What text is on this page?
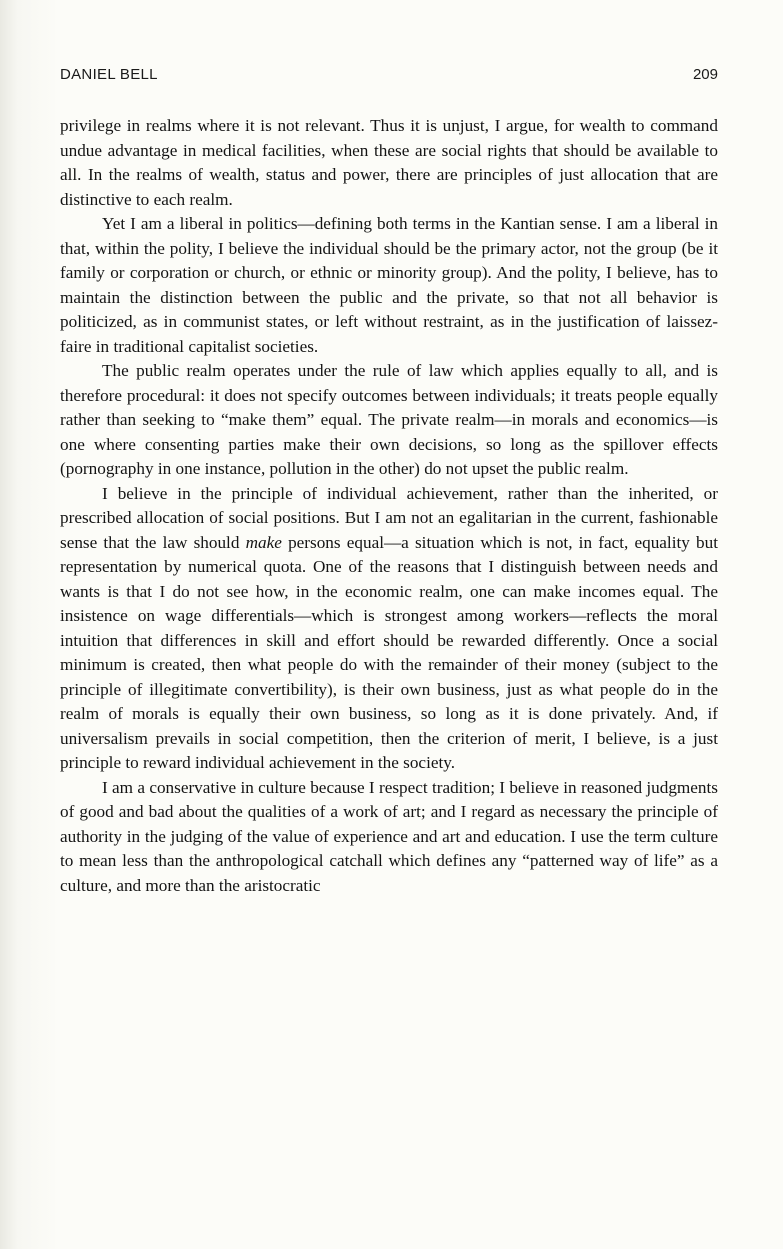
DANIEL BELL	209

privilege in realms where it is not relevant. Thus it is unjust, I argue, for wealth to command undue advantage in medical facilities, when these are social rights that should be available to all. In the realms of wealth, status and power, there are principles of just allocation that are distinctive to each realm.

Yet I am a liberal in politics—defining both terms in the Kantian sense. I am a liberal in that, within the polity, I believe the individual should be the primary actor, not the group (be it family or corporation or church, or ethnic or minority group). And the polity, I believe, has to maintain the distinction between the public and the private, so that not all behavior is politicized, as in communist states, or left without restraint, as in the justification of laissez-faire in traditional capitalist societies.

The public realm operates under the rule of law which applies equally to all, and is therefore procedural: it does not specify outcomes between individuals; it treats people equally rather than seeking to “make them” equal. The private realm—in morals and economics—is one where consenting parties make their own decisions, so long as the spillover effects (pornography in one instance, pollution in the other) do not upset the public realm.

I believe in the principle of individual achievement, rather than the inherited, or prescribed allocation of social positions. But I am not an egalitarian in the current, fashionable sense that the law should make persons equal—a situation which is not, in fact, equality but representation by numerical quota. One of the reasons that I distinguish between needs and wants is that I do not see how, in the economic realm, one can make incomes equal. The insistence on wage differentials—which is strongest among workers—reflects the moral intuition that differences in skill and effort should be rewarded differently. Once a social minimum is created, then what people do with the remainder of their money (subject to the principle of illegitimate convertibility), is their own business, just as what people do in the realm of morals is equally their own business, so long as it is done privately. And, if universalism prevails in social competition, then the criterion of merit, I believe, is a just principle to reward individual achievement in the society.

I am a conservative in culture because I respect tradition; I believe in reasoned judgments of good and bad about the qualities of a work of art; and I regard as necessary the principle of authority in the judging of the value of experience and art and education. I use the term culture to mean less than the anthropological catchall which defines any “patterned way of life” as a culture, and more than the aristocratic
